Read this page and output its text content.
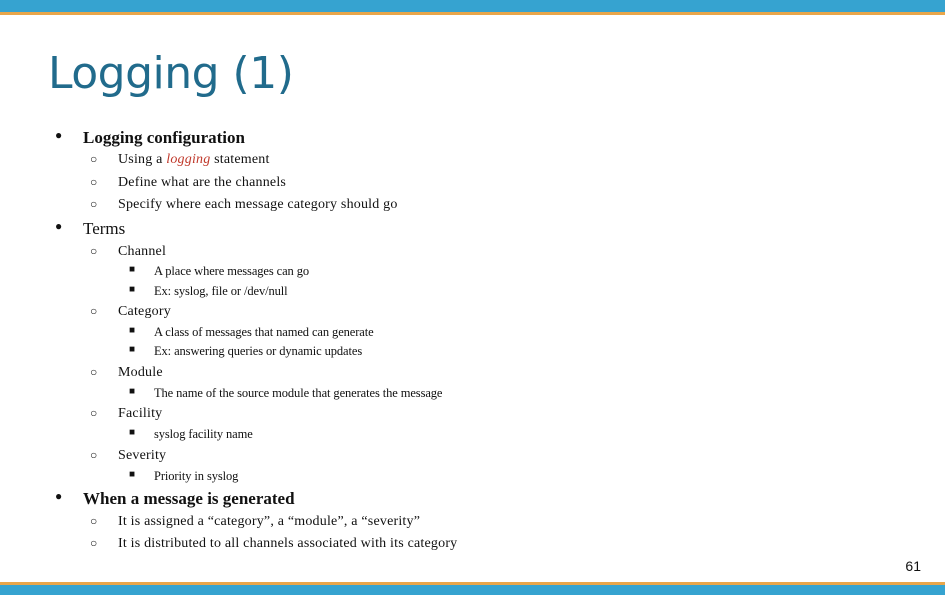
Logging (1)
● Logging configuration
○ Using a logging statement
○ Define what are the channels
○ Specify where each message category should go
● Terms
○ Channel
■ A place where messages can go
■ Ex: syslog, file or /dev/null
○ Category
■ A class of messages that named can generate
■ Ex: answering queries or dynamic updates
○ Module
■ The name of the source module that generates the message
○ Facility
■ syslog facility name
○ Severity
■ Priority in syslog
● When a message is generated
○ It is assigned a “category”, a “module”, a “severity”
○ It is distributed to all channels associated with its category
61
